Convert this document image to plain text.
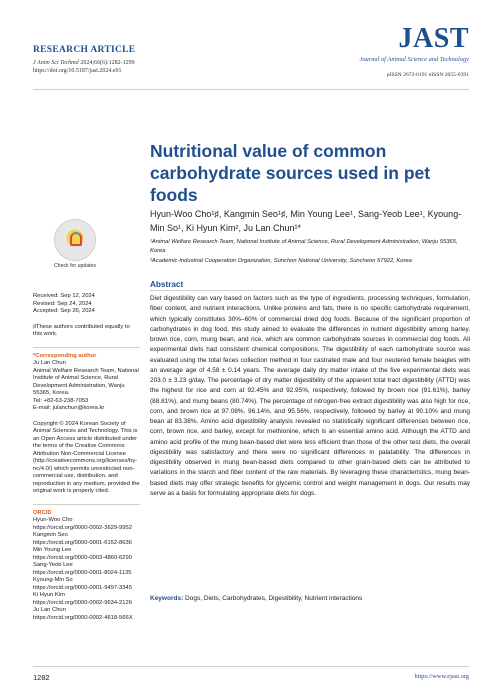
RESEARCH ARTICLE
J Anim Sci Technol 2024;66(6):1282-1299
https://doi.org/10.5187/jast.2024.e91
JAST
Journal of Animal Science and Technology
pISSN 2672-0191 eISSN 2055-0391
Nutritional value of common carbohydrate sources used in pet foods
Hyun-Woo Cho¹♯, Kangmin Seo¹♯, Min Young Lee¹, Sang-Yeob Lee¹, Kyoung-Min So¹, Ki Hyun Kim², Ju Lan Chun¹*
¹Animal Welfare Research Team, National Institute of Animal Science, Rural Development Administration, Wanju 55365, Korea
²Academic-Industrial Cooperation Organization, Sunchon National University, Suncheon 57922, Korea
Check for updates
Received: Sep 12, 2024
Revised: Sep 24, 2024
Accepted: Sep 26, 2024
♯These authors contributed equally to this work.
*Corresponding author
Ju Lan Chun
Animal Welfare Research Team, National Institute of Animal Science, Rural Development Administration, Wanju 55365, Korea.
Tel: +82-63-238-7053
E-mail: julanchun@korea.kr
Copyright © 2024 Korean Society of Animal Sciences and Technology. This is an Open Access article distributed under the terms of the Creative Commons Attribution Non-Commercial License (http://creativecommons.org/licenses/by-nc/4.0/) which permits unrestricted non-commercial use, distribution, and reproduction in any medium, provided the original work is properly cited.
ORCID
Hyun-Woo Cho
https://orcid.org/0000-0002-3629-9952
Kangmin Seo
https://orcid.org/0000-0001-6152-8636
Min Young Lee
https://orcid.org/0000-0003-4860-6290
Sang-Yeob Lee
https://orcid.org/0000-0001-8024-1135
Kyoung-Min So
https://orcid.org/0000-0001-9497-3345
Ki Hyun Kim
https://orcid.org/0000-0002-9634-2126
Ju Lan Chun
https://orcid.org/0000-0002-4618-566X
Abstract
Diet digestibility can vary based on factors such as the type of ingredients, processing techniques, formulation, fiber content, and nutrient interactions. Unlike proteins and fats, there is no specific carbohydrate requirement, which typically constitutes 30%–60% of commercial dried dog foods. Because of the significant proportion of carbohydrates in dog food, this study aimed to evaluate the differences in nutrient digestibility among barley, brown rice, corn, mung bean, and rice, which are common carbohydrate sources in commercial dog foods. All experimental diets had consistent chemical compositions. The digestibility of each carbohydrate source was evaluated using the total feces collection method in four castrated male and four neutered female beagles with an average age of 4.58 ± 0.14 years. The average daily dry matter intake of the five experimental diets was 203.0 ± 3.23 g/day. The percentage of dry matter digestibility of the apparent total tract digestibility (ATTD) was the highest for rice and corn at 92.45% and 92.95%, respectively, followed by brown rice (91.61%), barley (88.81%), and mung beans (80.74%). The percentage of nitrogen-free extract digestibility was also high for rice, corn, and brown rice at 97.08%, 96.14%, and 95.56%, respectively, followed by barley at 90.10% and mung bean at 83.38%. Amino acid digestibility analysis revealed no statistically significant differences between rice, corn, brown rice, and barley, except for methionine, which is an essential amino acid. Although the ATTD and amino acid profile of the mung bean-based diet were less efficient than those of the other test diets, the overall digestibility was satisfactory and there were no significant differences in palatability. The differences in digestibility observed in mung bean-based diets compared to other grain-based diets can be attributed to variations in the starch and fiber content of the raw materials. By leveraging these characteristics, mung bean-based diets may offer strategic benefits for glycemic control and weight management in dogs. Our results may serve as a basis for formulating appropriate diets for dogs.
Keywords: Dogs, Diets, Carbohydrates, Digestibility, Nutrient interactions
1282	https://www.ejast.org
